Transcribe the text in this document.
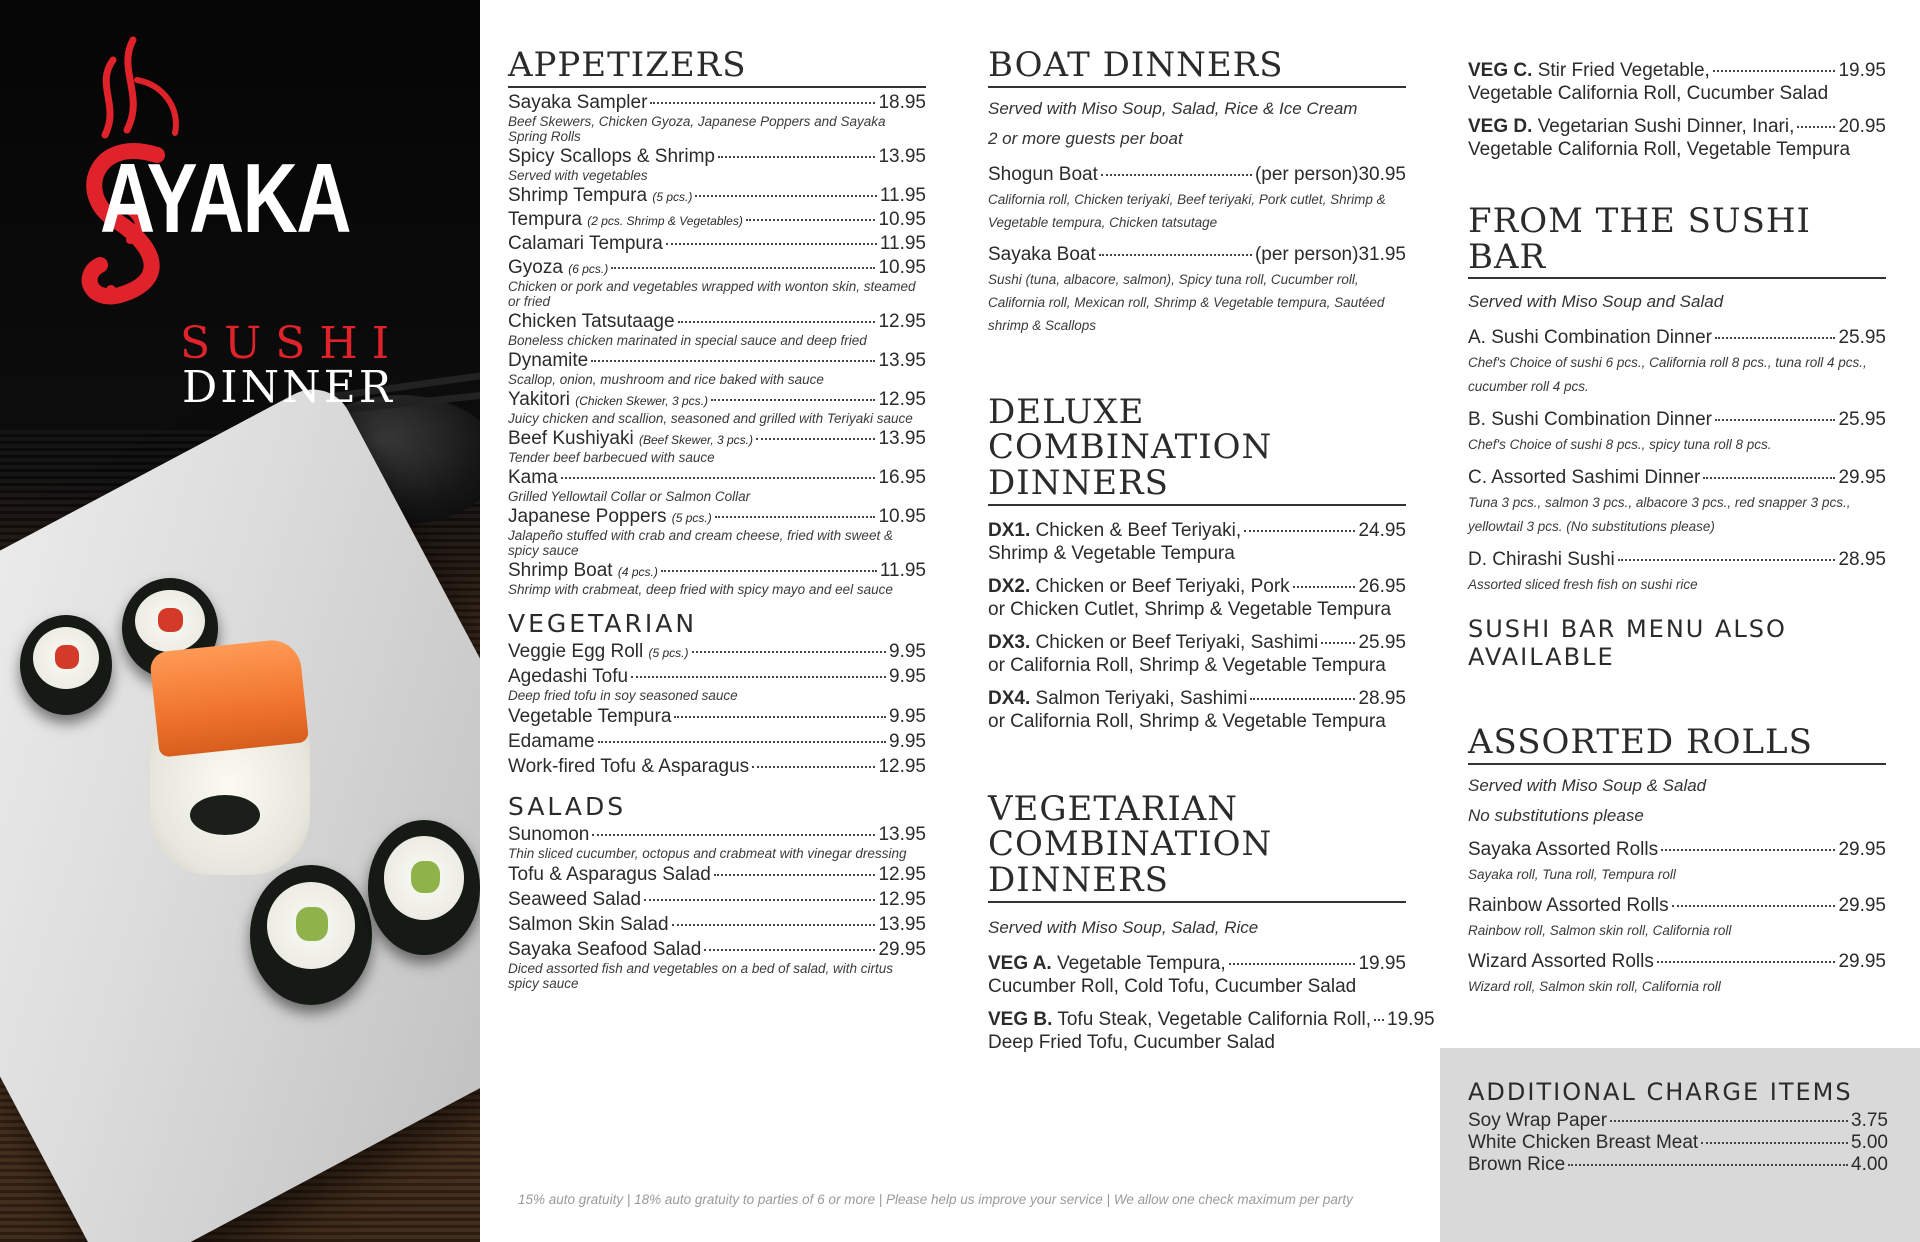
AYAKA
SUSHI
DINNER
APPETIZERS
Sayaka Sampler	18.95
Beef Skewers, Chicken Gyoza, Japanese Poppers and Sayaka Spring Rolls
Spicy Scallops & Shrimp	13.95
Served with vegetables
Shrimp Tempura (5 pcs.)	11.95
Tempura (2 pcs. Shrimp & Vegetables)	10.95
Calamari Tempura	11.95
Gyoza (6 pcs.)	10.95
Chicken or pork and vegetables wrapped with wonton skin, steamed or fried
Chicken Tatsutaage	12.95
Boneless chicken marinated in special sauce and deep fried
Dynamite	13.95
Scallop, onion, mushroom and rice baked with sauce
Yakitori (Chicken Skewer, 3 pcs.)	12.95
Juicy chicken and scallion, seasoned and grilled with Teriyaki sauce
Beef Kushiyaki (Beef Skewer, 3 pcs.)	13.95
Tender beef barbecued with sauce
Kama	16.95
Grilled Yellowtail Collar or Salmon Collar
Japanese Poppers (5 pcs.)	10.95
Jalapeño stuffed with crab and cream cheese, fried with sweet & spicy sauce
Shrimp Boat (4 pcs.)	11.95
Shrimp with crabmeat, deep fried with spicy mayo and eel sauce
VEGETARIAN
Veggie Egg Roll (5 pcs.)	9.95
Agedashi Tofu	9.95
Deep fried tofu in soy seasoned sauce
Vegetable Tempura	9.95
Edamame	9.95
Work-fired Tofu & Asparagus	12.95
SALADS
Sunomon	13.95
Thin sliced cucumber, octopus and crabmeat with vinegar dressing
Tofu & Asparagus Salad	12.95
Seaweed Salad	12.95
Salmon Skin Salad	13.95
Sayaka Seafood Salad	29.95
Diced assorted fish and vegetables on a bed of salad, with cirtus spicy sauce
BOAT DINNERS
Served with Miso Soup, Salad, Rice & Ice Cream
2 or more guests per boat
Shogun Boat	(per person) 30.95
California roll, Chicken teriyaki, Beef teriyaki, Pork cutlet, Shrimp & Vegetable tempura, Chicken tatsutage
Sayaka Boat	(per person) 31.95
Sushi (tuna, albacore, salmon), Spicy tuna roll, Cucumber roll, California roll, Mexican roll, Shrimp & Vegetable tempura, Sautéed shrimp & Scallops
DELUXE
COMBINATION
DINNERS
DX1. Chicken & Beef Teriyaki,	24.95
Shrimp & Vegetable Tempura
DX2. Chicken or Beef Teriyaki, Pork	26.95
or Chicken Cutlet, Shrimp & Vegetable Tempura
DX3. Chicken or Beef Teriyaki, Sashimi 25.95
or California Roll, Shrimp & Vegetable Tempura
DX4. Salmon Teriyaki, Sashimi	28.95
or California Roll, Shrimp & Vegetable Tempura
VEGETARIAN
COMBINATION
DINNERS
Served with Miso Soup, Salad, Rice
VEG A. Vegetable Tempura,	19.95
Cucumber Roll, Cold Tofu, Cucumber Salad
VEG B. Tofu Steak, Vegetable California Roll, 19.95
Deep Fried Tofu, Cucumber Salad
VEG C. Stir Fried Vegetable,	19.95
Vegetable California Roll, Cucumber Salad
VEG D. Vegetarian Sushi Dinner, Inari, 20.95
Vegetable California Roll, Vegetable Tempura
FROM THE SUSHI BAR
Served with Miso Soup and Salad
A. Sushi Combination Dinner	25.95
Chef's Choice of sushi 6 pcs., California roll 8 pcs., tuna roll 4 pcs., cucumber roll 4 pcs.
B. Sushi Combination Dinner	25.95
Chef's Choice of sushi 8 pcs., spicy tuna roll 8 pcs.
C. Assorted Sashimi Dinner	29.95
Tuna 3 pcs., salmon 3 pcs., albacore 3 pcs., red snapper 3 pcs., yellowtail 3 pcs. (No substitutions please)
D. Chirashi Sushi	28.95
Assorted sliced fresh fish on sushi rice
SUSHI BAR MENU ALSO AVAILABLE
ASSORTED ROLLS
Served with Miso Soup & Salad
No substitutions please
Sayaka Assorted Rolls	29.95
Sayaka roll, Tuna roll, Tempura roll
Rainbow Assorted Rolls	29.95
Rainbow roll, Salmon skin roll, California roll
Wizard Assorted Rolls	29.95
Wizard roll, Salmon skin roll, California roll
ADDITIONAL CHARGE ITEMS
Soy Wrap Paper	3.75
White Chicken Breast Meat	5.00
Brown Rice	4.00
15% auto gratuity | 18% auto gratuity to parties of 6 or more | Please help us improve your service | We allow one check maximum per party
